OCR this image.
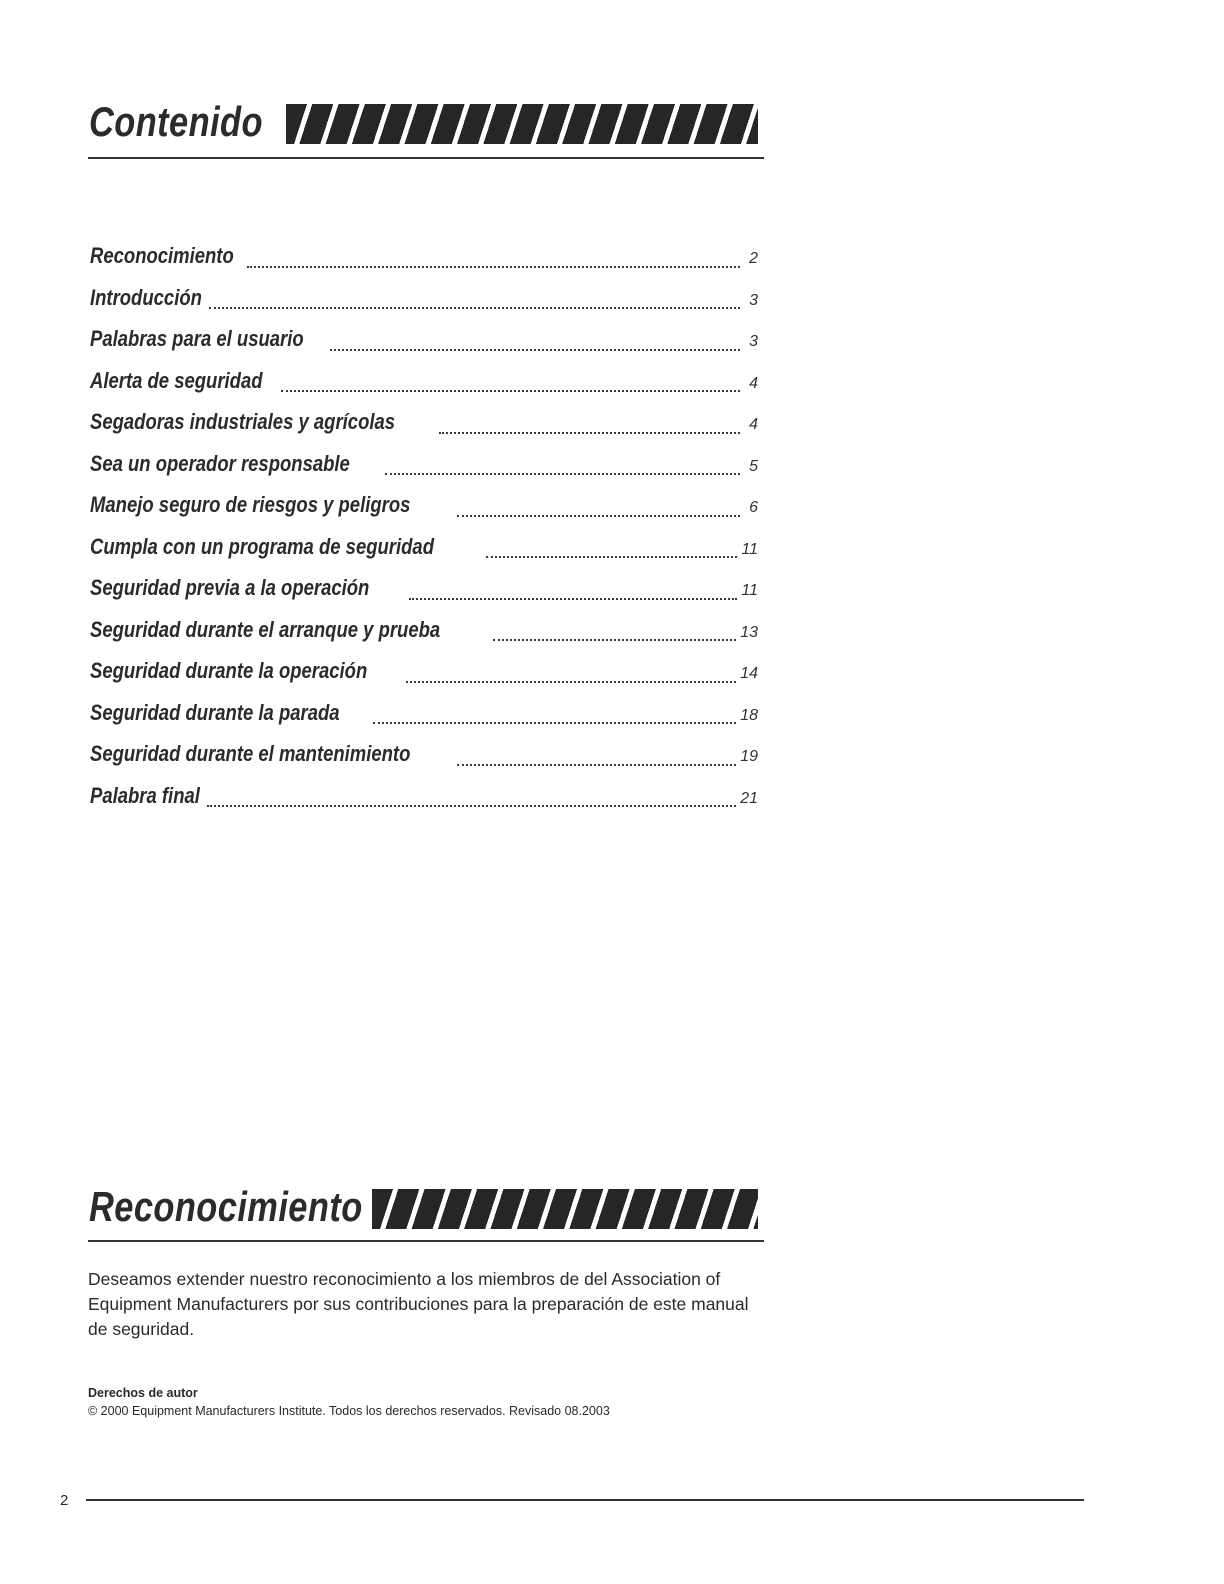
Contenido
Reconocimiento	2
Introducción	3
Palabras para el usuario	3
Alerta de seguridad	4
Segadoras industriales y agrícolas	4
Sea un operador responsable	5
Manejo seguro de riesgos y peligros	6
Cumpla con un programa de seguridad	11
Seguridad previa a la operación	11
Seguridad durante el arranque y prueba	13
Seguridad durante la operación	14
Seguridad durante la parada	18
Seguridad durante el mantenimiento	19
Palabra final	21
Reconocimiento

Deseamos extender nuestro reconocimiento a los miembros de del Association of Equipment Manufacturers por sus contribuciones para la preparación de este manual de seguridad.

Derechos de autor

© 2000 Equipment Manufacturers Institute. Todos los derechos reservados. Revisado 08.2003

2
